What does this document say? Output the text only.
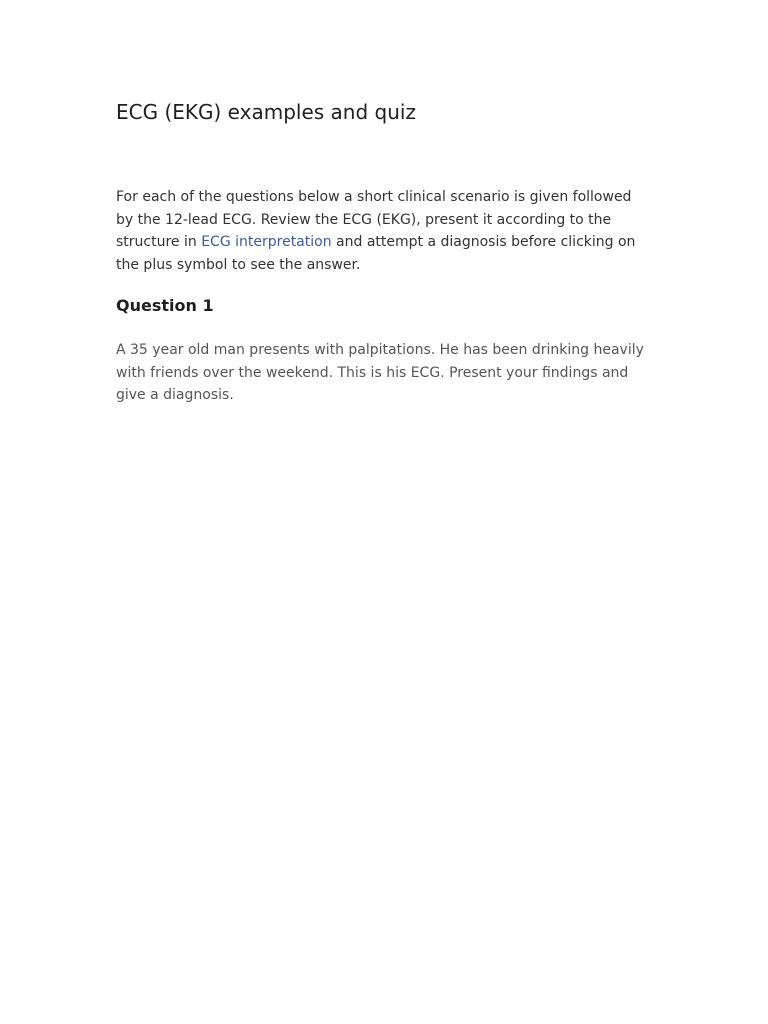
ECG (EKG) examples and quiz

For each of the questions below a short clinical scenario is given followed by the 12-lead ECG. Review the ECG (EKG), present it according to the structure in ECG interpretation and attempt a diagnosis before clicking on the plus symbol to see the answer.

Question 1

A 35 year old man presents with palpitations. He has been drinking heavily with friends over the weekend. This is his ECG. Present your findings and give a diagnosis.
